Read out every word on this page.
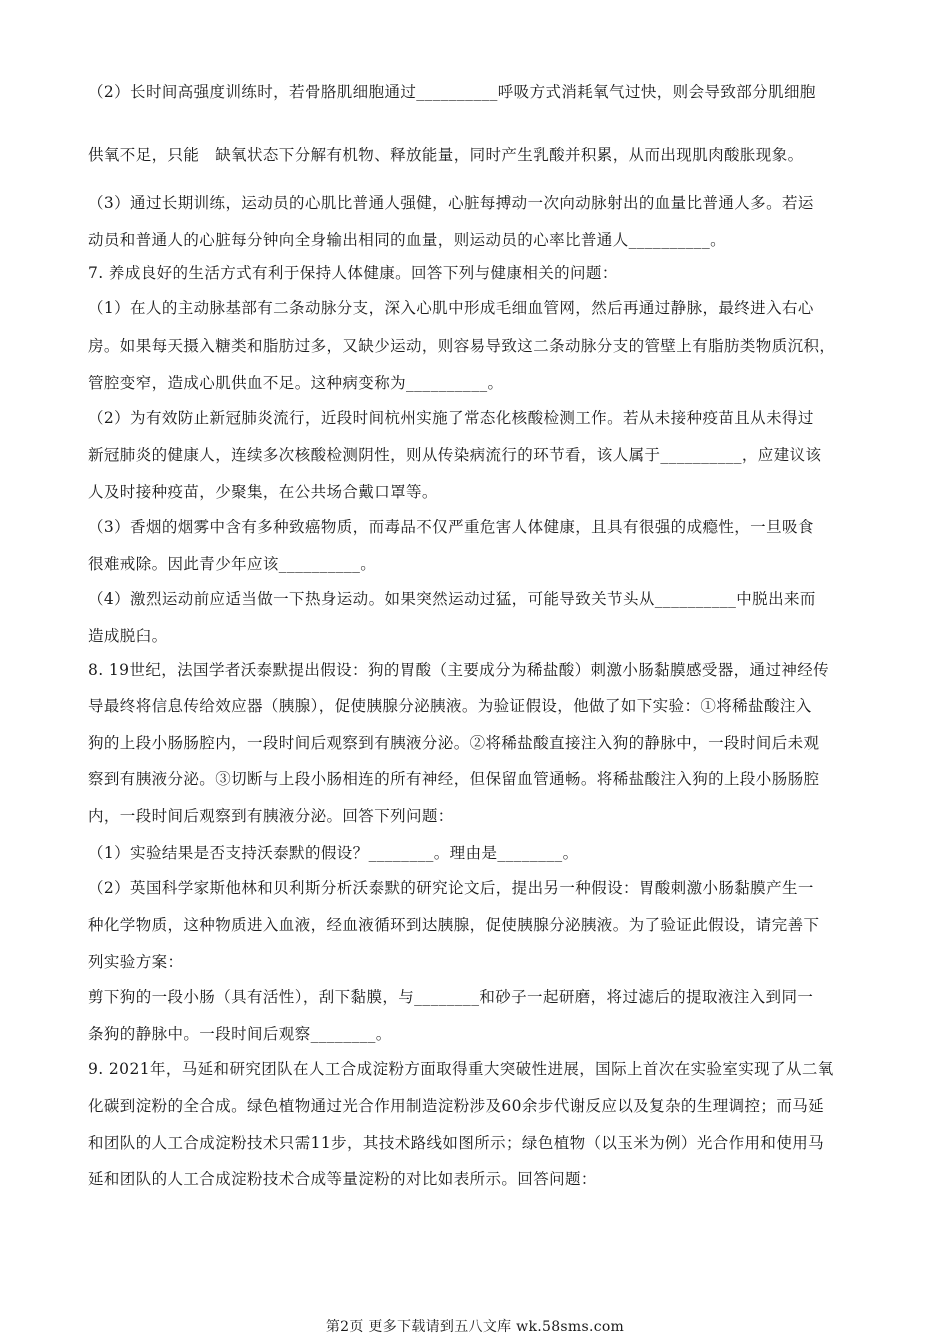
（2）长时间高强度训练时，若骨胳肌细胞通过__________呼吸方式消耗氧气过快，则会导致部分肌细胞
供氧不足，只能　缺氧状态下分解有机物、释放能量，同时产生乳酸并积累，从而出现肌肉酸胀现象。
（3）通过长期训练，运动员的心肌比普通人强健，心脏每搏动一次向动脉射出的血量比普通人多。若运
动员和普通人的心脏每分钟向全身输出相同的血量，则运动员的心率比普通人__________。
7. 养成良好的生活方式有利于保持人体健康。回答下列与健康相关的问题：
（1）在人的主动脉基部有二条动脉分支，深入心肌中形成毛细血管网，然后再通过静脉，最终进入右心
房。如果每天摄入糖类和脂肪过多，又缺少运动，则容易导致这二条动脉分支的管壁上有脂肪类物质沉积，
管腔变窄，造成心肌供血不足。这种病变称为__________。
（2）为有效防止新冠肺炎流行，近段时间杭州实施了常态化核酸检测工作。若从未接种疫苗且从未得过
新冠肺炎的健康人，连续多次核酸检测阴性，则从传染病流行的环节看，该人属于__________，应建议该
人及时接种疫苗，少聚集，在公共场合戴口罩等。
（3）香烟的烟雾中含有多种致癌物质，而毒品不仅严重危害人体健康，且具有很强的成瘾性，一旦吸食
很难戒除。因此青少年应该__________。
（4）激烈运动前应适当做一下热身运动。如果突然运动过猛，可能导致关节头从__________中脱出来而
造成脱臼。
8. 19世纪，法国学者沃泰默提出假设：狗的胃酸（主要成分为稀盐酸）刺激小肠黏膜感受器，通过神经传
导最终将信息传给效应器（胰腺），促使胰腺分泌胰液。为验证假设，他做了如下实验：①将稀盐酸注入
狗的上段小肠肠腔内，一段时间后观察到有胰液分泌。②将稀盐酸直接注入狗的静脉中，一段时间后未观
察到有胰液分泌。③切断与上段小肠相连的所有神经，但保留血管通畅。将稀盐酸注入狗的上段小肠肠腔
内，一段时间后观察到有胰液分泌。回答下列问题：
（1）实验结果是否支持沃泰默的假设？________。理由是________。
（2）英国科学家斯他林和贝利斯分析沃泰默的研究论文后，提出另一种假设：胃酸刺激小肠黏膜产生一
种化学物质，这种物质进入血液，经血液循环到达胰腺，促使胰腺分泌胰液。为了验证此假设，请完善下
列实验方案：
剪下狗的一段小肠（具有活性），刮下黏膜，与________和砂子一起研磨，将过滤后的提取液注入到同一
条狗的静脉中。一段时间后观察________。
9. 2021年，马延和研究团队在人工合成淀粉方面取得重大突破性进展，国际上首次在实验室实现了从二氧
化碳到淀粉的全合成。绿色植物通过光合作用制造淀粉涉及60余步代谢反应以及复杂的生理调控；而马延
和团队的人工合成淀粉技术只需11步，其技术路线如图所示；绿色植物（以玉米为例）光合作用和使用马
延和团队的人工合成淀粉技术合成等量淀粉的对比如表所示。回答问题：
第2页 更多下载请到五八文库 wk.58sms.com
